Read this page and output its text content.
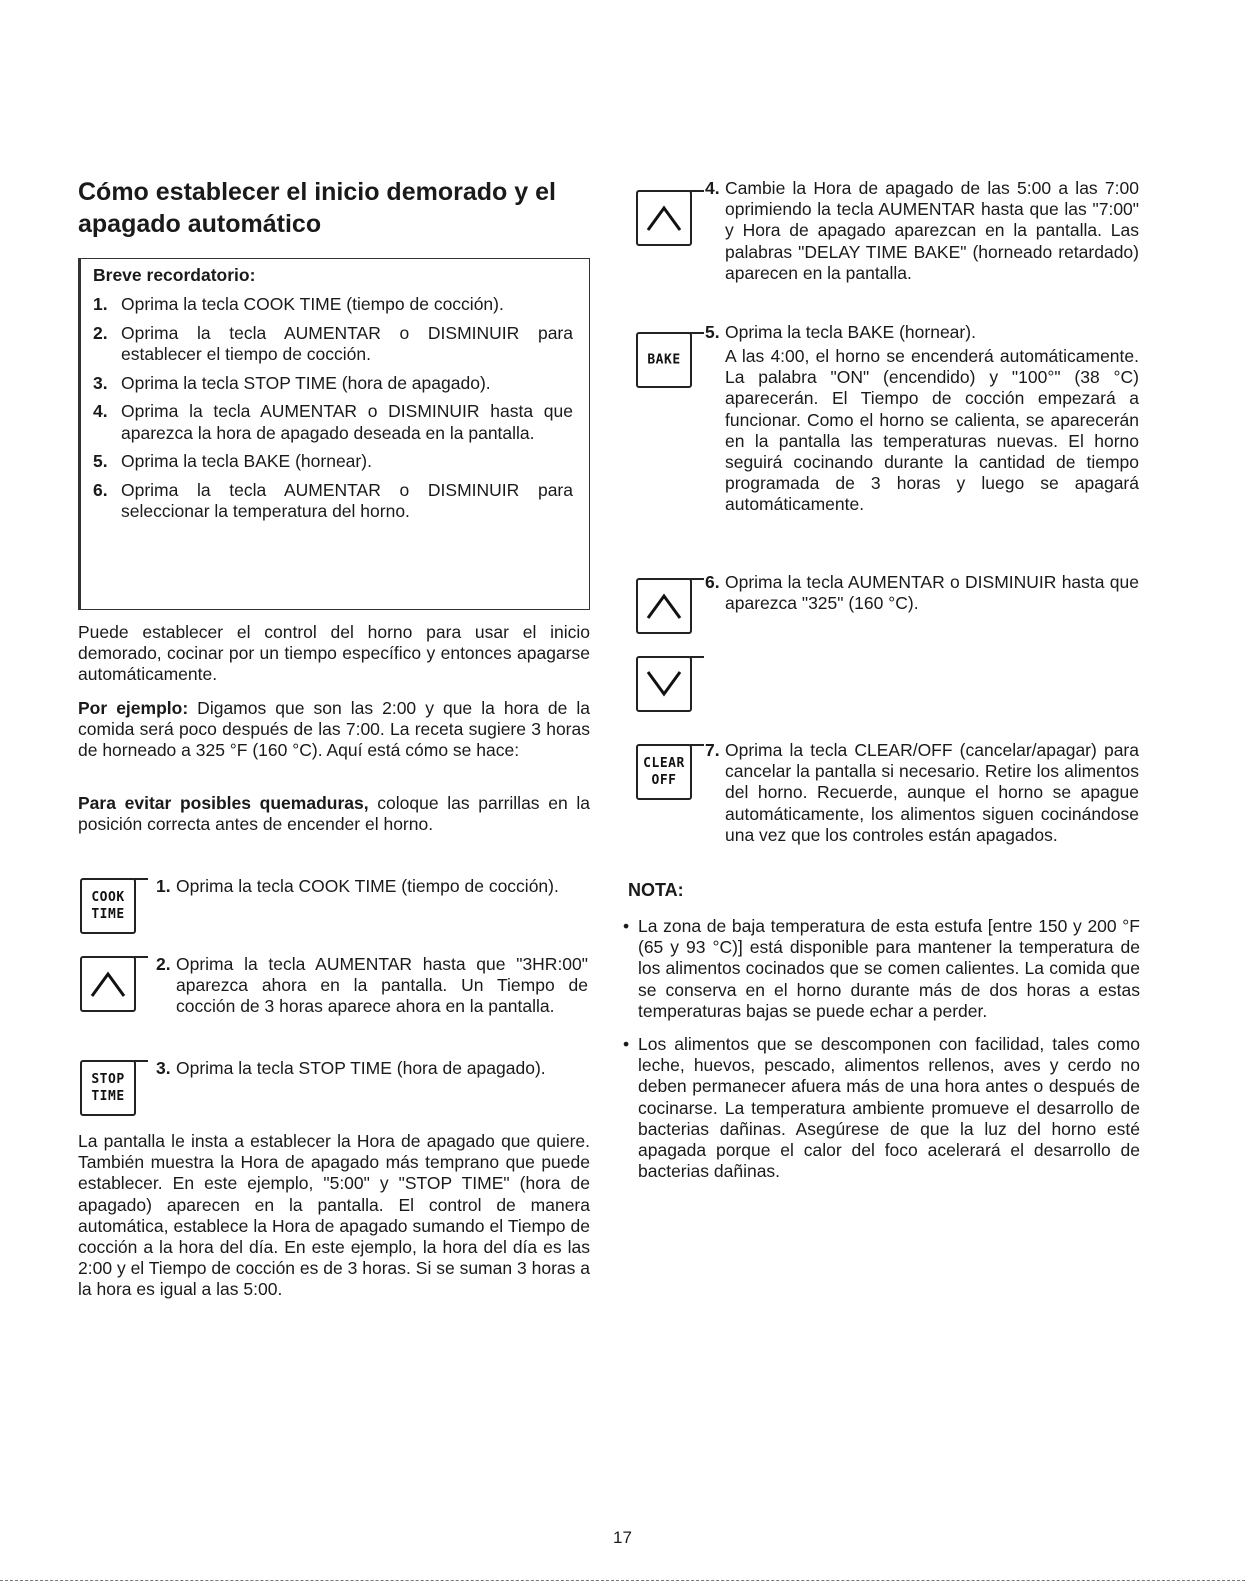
Cómo establecer el inicio demorado y el apagado automático
Breve recordatorio:
1. Oprima la tecla COOK TIME (tiempo de cocción).
2. Oprima la tecla AUMENTAR o DISMINUIR para establecer el tiempo de cocción.
3. Oprima la tecla STOP TIME (hora de apagado).
4. Oprima la tecla AUMENTAR o DISMINUIR hasta que aparezca la hora de apagado deseada en la pantalla.
5. Oprima la tecla BAKE (hornear).
6. Oprima la tecla AUMENTAR o DISMINUIR para seleccionar la temperatura del horno.

Puede establecer el control del horno para usar el inicio demorado, cocinar por un tiempo específico y entonces apagarse automáticamente.

Por ejemplo: Digamos que son las 2:00 y que la hora de la comida será poco después de las 7:00. La receta sugiere 3 horas de horneado a 325 °F (160 °C). Aquí está cómo se hace:

Para evitar posibles quemaduras, coloque las parrillas en la posición correcta antes de encender el horno.

COOK
TIME
1. Oprima la tecla COOK TIME (tiempo de cocción).
2. Oprima la tecla AUMENTAR hasta que "3HR:00" aparezca ahora en la pantalla. Un Tiempo de cocción de 3 horas aparece ahora en la pantalla.
STOP
TIME
3. Oprima la tecla STOP TIME (hora de apagado).

La pantalla le insta a establecer la Hora de apagado que quiere. También muestra la Hora de apagado más temprano que puede establecer. En este ejemplo, "5:00" y "STOP TIME" (hora de apagado) aparecen en la pantalla. El control de manera automática, establece la Hora de apagado sumando el Tiempo de cocción a la hora del día. En este ejemplo, la hora del día es las 2:00 y el Tiempo de cocción es de 3 horas. Si se suman 3 horas a la hora es igual a las 5:00.

4. Cambie la Hora de apagado de las 5:00 a las 7:00 oprimiendo la tecla AUMENTAR hasta que las "7:00" y Hora de apagado aparezcan en la pantalla. Las palabras "DELAY TIME BAKE" (horneado retardado) aparecen en la pantalla.
BAKE
5. Oprima la tecla BAKE (hornear).
A las 4:00, el horno se encenderá automáticamente. La palabra "ON" (encendido) y "100°" (38 °C) aparecerán. El Tiempo de cocción empezará a funcionar. Como el horno se calienta, se aparecerán en la pantalla las temperaturas nuevas. El horno seguirá cocinando durante la cantidad de tiempo programada de 3 horas y luego se apagará automáticamente.
6. Oprima la tecla AUMENTAR o DISMINUIR hasta que aparezca "325" (160 °C).
CLEAR
OFF
7. Oprima la tecla CLEAR/OFF (cancelar/apagar) para cancelar la pantalla si necesario. Retire los alimentos del horno. Recuerde, aunque el horno se apague automáticamente, los alimentos siguen cocinándose una vez que los controles están apagados.
NOTA:
• La zona de baja temperatura de esta estufa [entre 150 y 200 °F (65 y 93 °C)] está disponible para mantener la temperatura de los alimentos cocinados que se comen calientes. La comida que se conserva en el horno durante más de dos horas a estas temperaturas bajas se puede echar a perder.
• Los alimentos que se descomponen con facilidad, tales como leche, huevos, pescado, alimentos rellenos, aves y cerdo no deben permanecer afuera más de una hora antes o después de cocinarse. La temperatura ambiente promueve el desarrollo de bacterias dañinas. Asegúrese de que la luz del horno esté apagada porque el calor del foco acelerará el desarrollo de bacterias dañinas.
17
